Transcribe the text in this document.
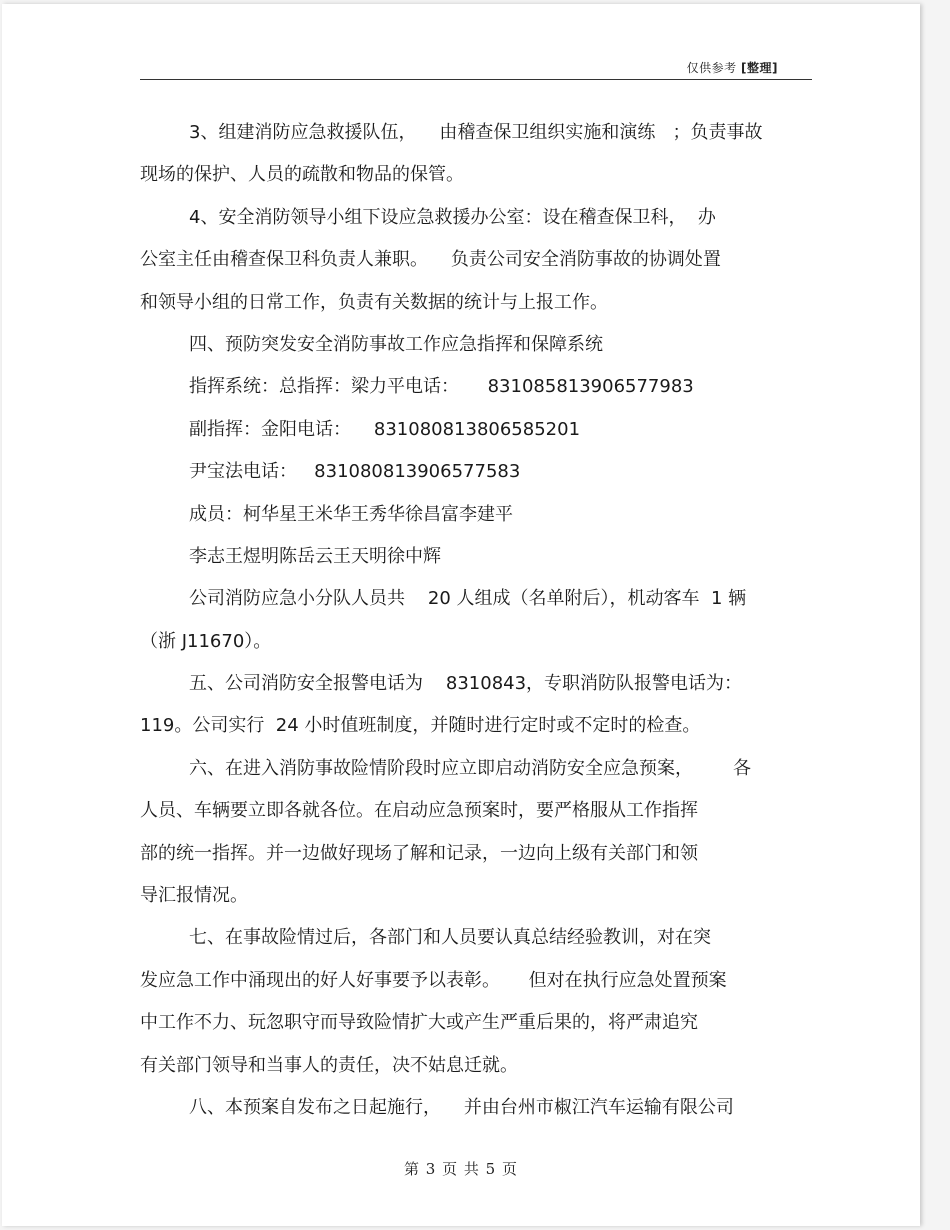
仅供参考 [整理]
3、组建消防应急救援队伍，    由稽查保卫组织实施和演练   ；负责事故
现场的保护、人员的疏散和物品的保管。
4、安全消防领导小组下设应急救援办公室：设在稽查保卫科，  办
公室主任由稽查保卫科负责人兼职。    负责公司安全消防事故的协调处置
和领导小组的日常工作，负责有关数据的统计与上报工作。
四、预防突发安全消防事故工作应急指挥和保障系统
指挥系统：总指挥：梁力平电话：     831085813906577983
副指挥：金阳电话：    831080813806585201
尹宝法电话：   831080813906577583
成员：柯华星王米华王秀华徐昌富李建平
李志王煜明陈岳云王天明徐中辉
公司消防应急小分队人员共    20 人组成（名单附后），机动客车  1 辆
（浙 J11670）。
五、公司消防安全报警电话为    8310843，专职消防队报警电话为：
119。公司实行  24 小时值班制度，并随时进行定时或不定时的检查。
六、在进入消防事故险情阶段时应立即启动消防安全应急预案，       各
人员、车辆要立即各就各位。在启动应急预案时，要严格服从工作指挥
部的统一指挥。并一边做好现场了解和记录，一边向上级有关部门和领
导汇报情况。
七、在事故险情过后，各部门和人员要认真总结经验教训，对在突
发应急工作中涌现出的好人好事要予以表彰。     但对在执行应急处置预案
中工作不力、玩忽职守而导致险情扩大或产生严重后果的，将严肃追究
有关部门领导和当事人的责任，决不姑息迁就。
八、本预案自发布之日起施行，    并由台州市椒江汽车运输有限公司
第 3 页 共 5 页
